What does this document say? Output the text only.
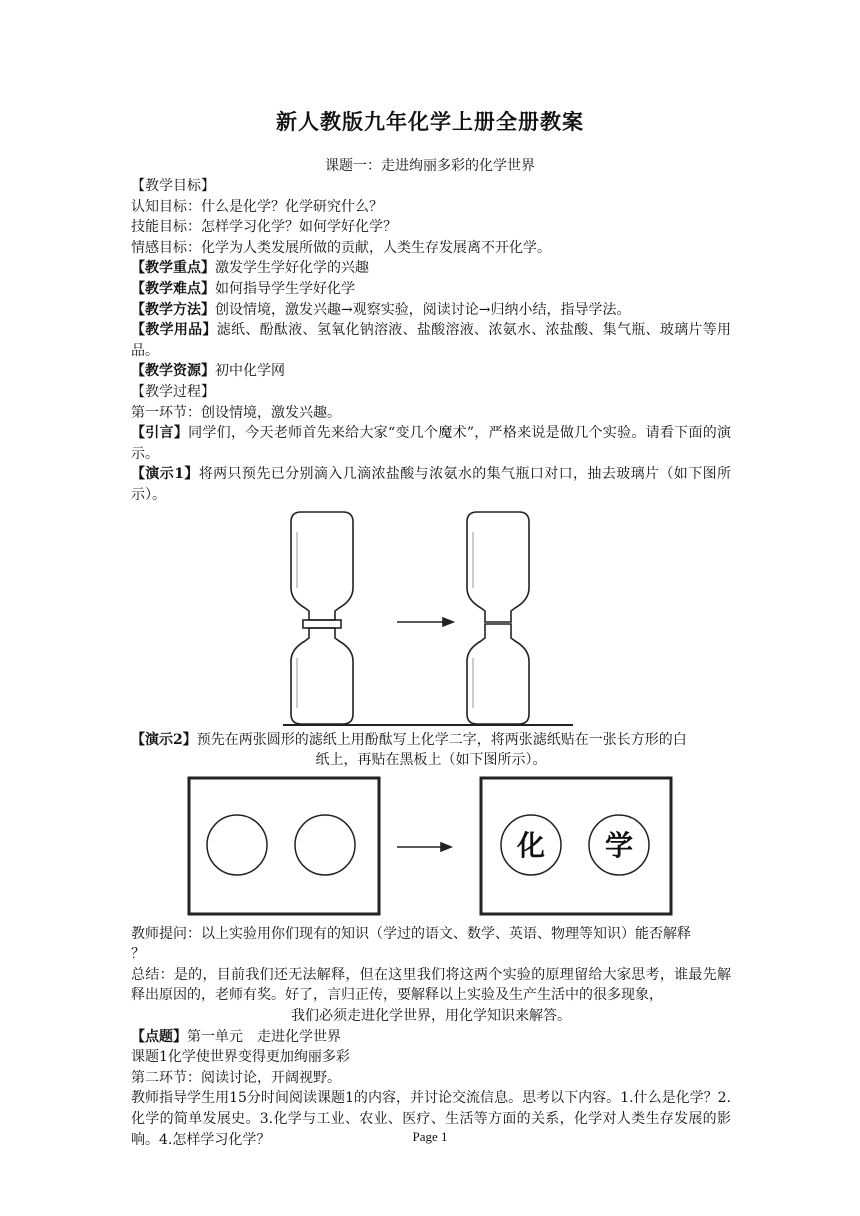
新人教版九年化学上册全册教案
课题一：走进绚丽多彩的化学世界

【教学目标】

认知目标：什么是化学？化学研究什么？

技能目标：怎样学习化学？如何学好化学？

情感目标：化学为人类发展所做的贡献，人类生存发展离不开化学。

【教学重点】激发学生学好化学的兴趣

【教学难点】如何指导学生学好化学

【教学方法】创设情境，激发兴趣→观察实验，阅读讨论→归纳小结，指导学法。

【教学用品】滤纸、酚酞液、氢氧化钠溶液、盐酸溶液、浓氨水、浓盐酸、集气瓶、玻璃片等用品。

【教学资源】初中化学网

【教学过程】

第一环节：创设情境，激发兴趣。

【引言】同学们，今天老师首先来给大家“变几个魔术”，严格来说是做几个实验。请看下面的演示。

【演示1】将两只预先已分别滴入几滴浓盐酸与浓氨水的集气瓶口对口，抽去玻璃片（如下图所示）。

【演示2】预先在两张圆形的滤纸上用酚酞写上化学二字，将两张滤纸贴在一张长方形的白

纸上，再贴在黑板上（如下图所示）。

化 学

教师提问：以上实验用你们现有的知识（学过的语文、数学、英语、物理等知识）能否解释

？

总结：是的，目前我们还无法解释，但在这里我们将这两个实验的原理留给大家思考，谁最先解释出原因的，老师有奖。好了，言归正传，要解释以上实验及生产生活中的很多现象，

我们必须走进化学世界，用化学知识来解答。

【点题】第一单元　走进化学世界

课题1化学使世界变得更加绚丽多彩

第二环节：阅读讨论，开阔视野。

教师指导学生用15分时间阅读课题1的内容，并讨论交流信息。思考以下内容。1.什么是化学？2.化学的简单发展史。3.化学与工业、农业、医疗、生活等方面的关系，化学对人类生存发展的影响。4.怎样学习化学？	Page 1
